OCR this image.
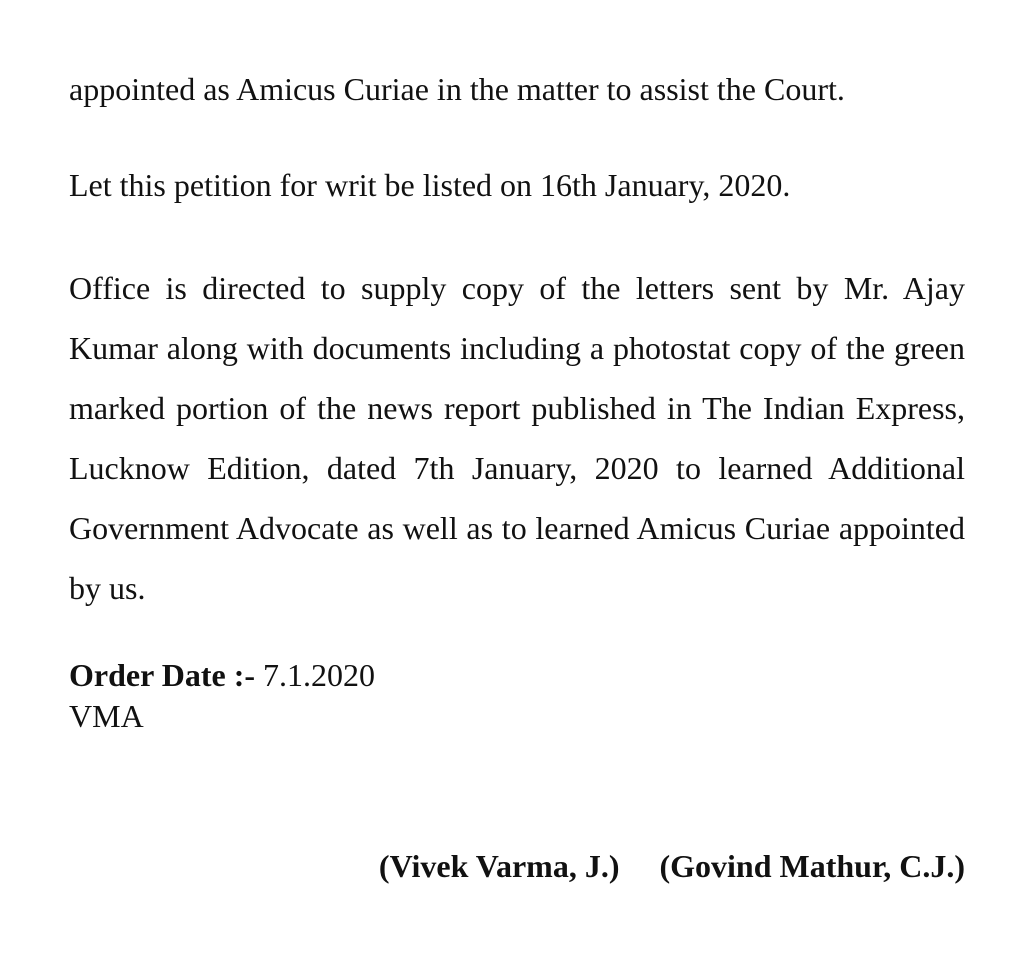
appointed as Amicus Curiae in the matter to assist the Court.

Let this petition for writ be listed on 16th January, 2020.

Office is directed to supply copy of the letters sent by Mr. Ajay Kumar along with documents including a photostat copy of the green marked portion of the news report published in The Indian Express, Lucknow Edition, dated 7th January, 2020 to learned Additional Government Advocate as well as to learned Amicus Curiae appointed by us.

Order Date :- 7.1.2020
VMA
(Vivek Varma, J.) (Govind Mathur, C.J.)
